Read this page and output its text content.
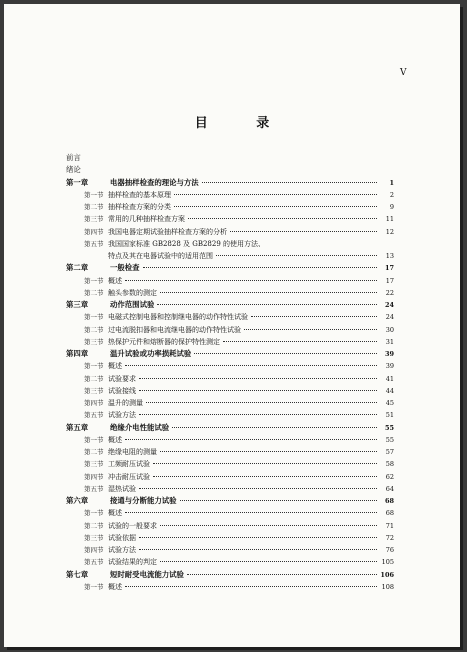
V
目 录
前言
绪论
第一章	电器抽样检查的理论与方法	1
第一节 抽样检查的基本原理	2
第二节 抽样检查方案的分类	9
第三节 常用的几种抽样检查方案	11
第四节 我国电器定期试验抽样检查方案的分析	12
第五节 我国国家标准 GB2828 及 GB2829 的使用方法、
特点及其在电器试验中的适用范围	13
第二章	一般检查	17
第一节 概述	17
第二节 触头参数的测定	22
第三章	动作范围试验	24
第一节 电磁式控制电器和控制继电器的动作特性试验	24
第二节 过电流脱扣器和电流继电器的动作特性试验	30
第三节 热保护元件和熔断器的保护特性测定	31
第四章	温升试验或功率损耗试验	39
第一节 概述	39
第二节 试验要求	41
第三节 试验接线	44
第四节 温升的测量	45
第五节 试验方法	51
第五章	绝缘介电性能试验	55
第一节 概述	55
第二节 绝缘电阻的测量	57
第三节 工频耐压试验	58
第四节 冲击耐压试验	62
第五节 湿热试验	64
第六章	接通与分断能力试验	68
第一节 概述	68
第二节 试验的一般要求	71
第三节 试验依据	72
第四节 试验方法	76
第五节 试验结果的判定	105
第七章	短时耐受电流能力试验	106
第一节 概述	108
